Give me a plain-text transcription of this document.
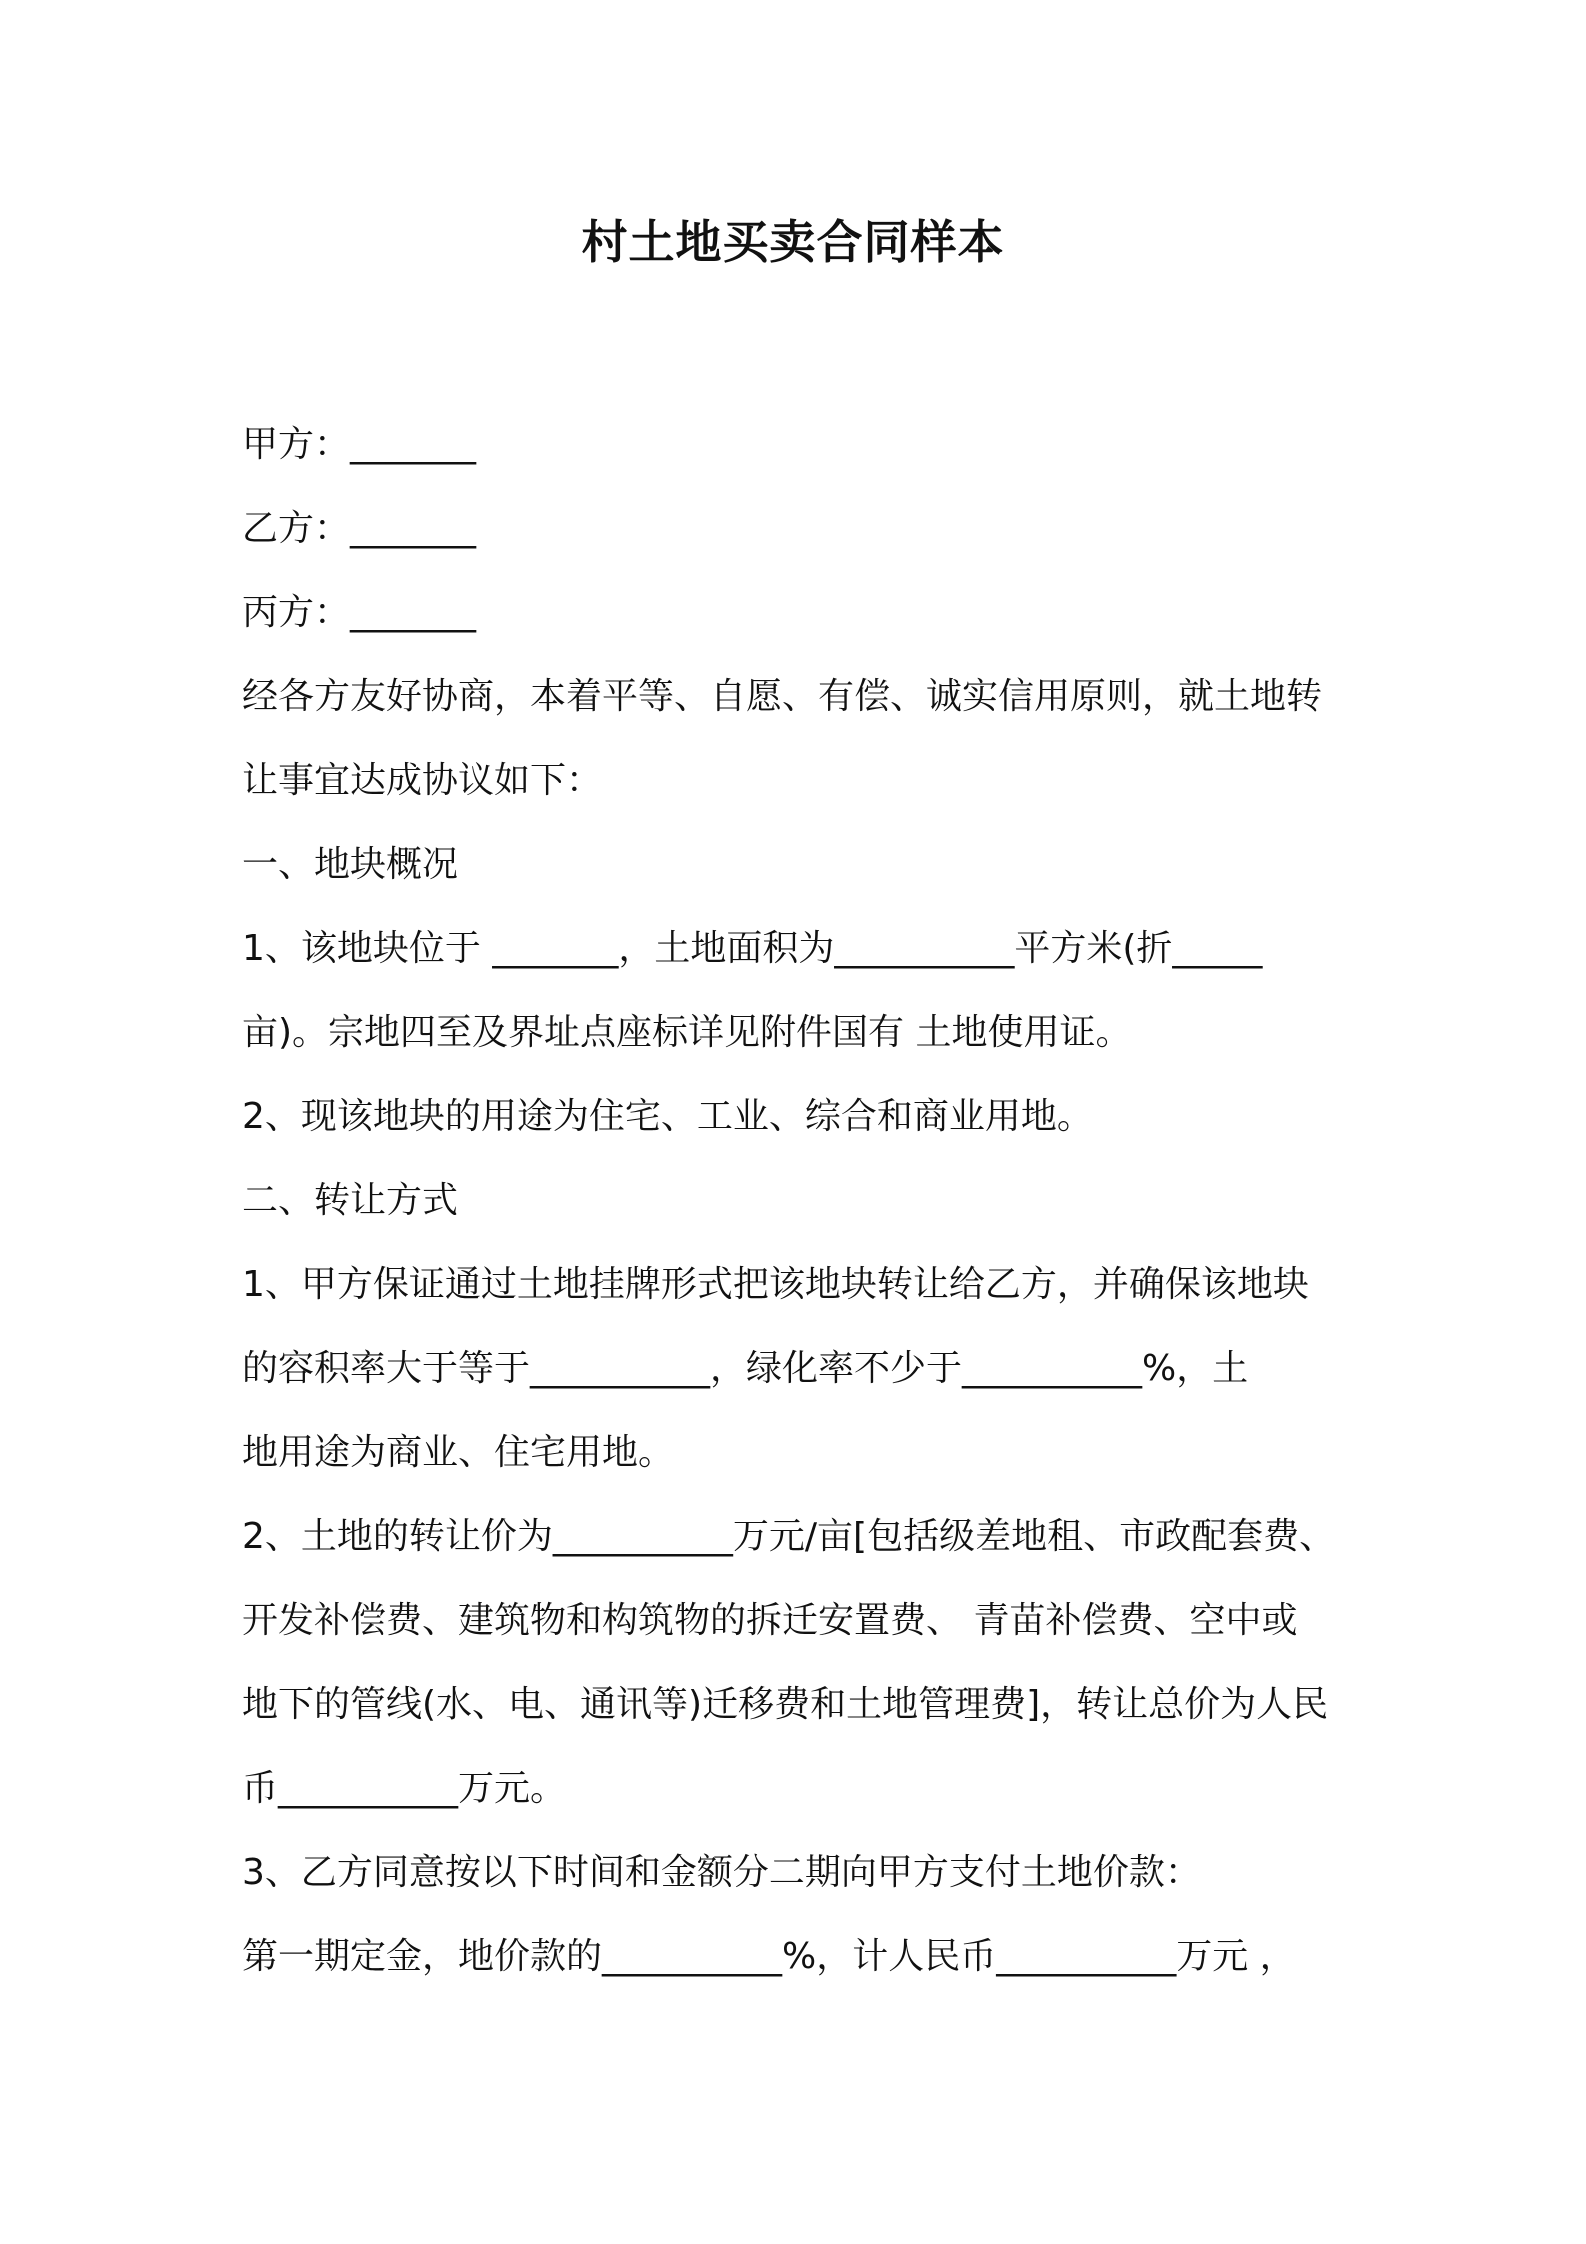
村土地买卖合同样本

甲方：_______

乙方：_______

丙方：_______

经各方友好协商，本着平等、自愿、有偿、诚实信用原则，就土地转

让事宜达成协议如下：

一、地块概况

1、该地块位于 _______，土地面积为__________平方米(折_____

亩)。宗地四至及界址点座标详见附件国有 土地使用证。

2、现该地块的用途为住宅、工业、综合和商业用地。

二、转让方式

1、甲方保证通过土地挂牌形式把该地块转让给乙方，并确保该地块

的容积率大于等于__________，绿化率不少于__________%，土

地用途为商业、住宅用地。

2、土地的转让价为__________万元/亩[包括级差地租、市政配套费、

开发补偿费、建筑物和构筑物的拆迁安置费、 青苗补偿费、空中或

地下的管线(水、电、通讯等)迁移费和土地管理费]，转让总价为人民

币__________万元。

3、乙方同意按以下时间和金额分二期向甲方支付土地价款：

第一期定金，地价款的__________%，计人民币__________万元 ，
